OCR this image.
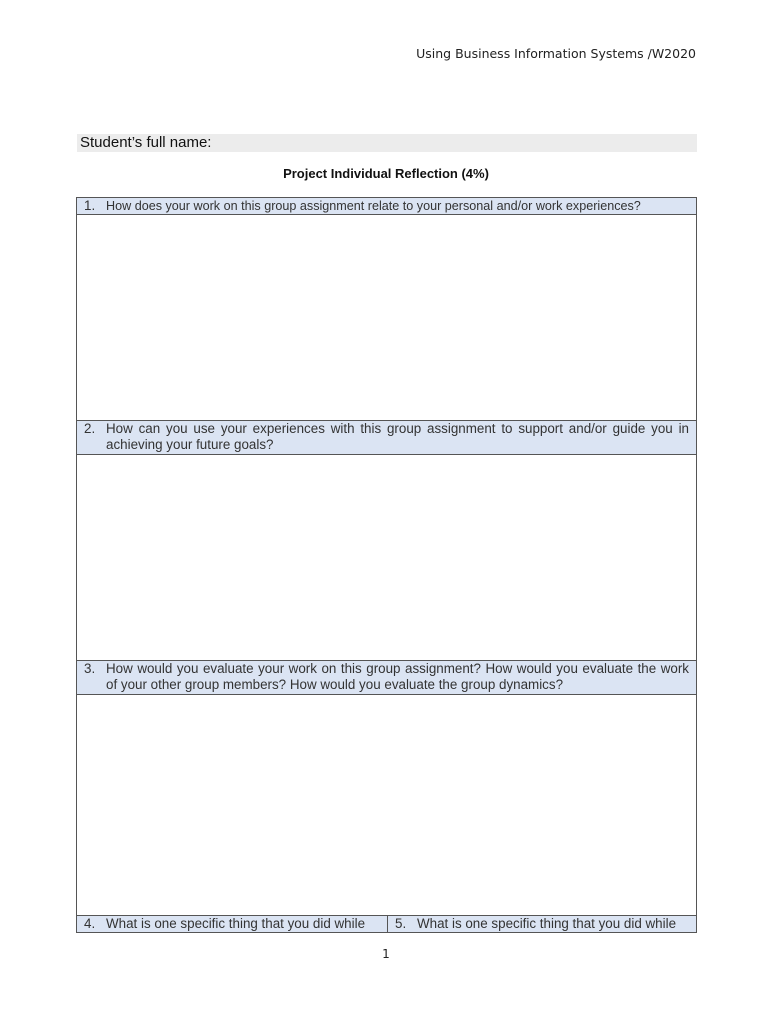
Using Business Information Systems /W2020
Student’s full name:
Project Individual Reflection (4%)
1. How does your work on this group assignment relate to your personal and/or work experiences?
2. How can you use your experiences with this group assignment to support and/or guide you in achieving your future goals?
3. How would you evaluate your work on this group assignment? How would you evaluate the work of your other group members? How would you evaluate the group dynamics?
4. What is one specific thing that you did while 5. What is one specific thing that you did while
1
